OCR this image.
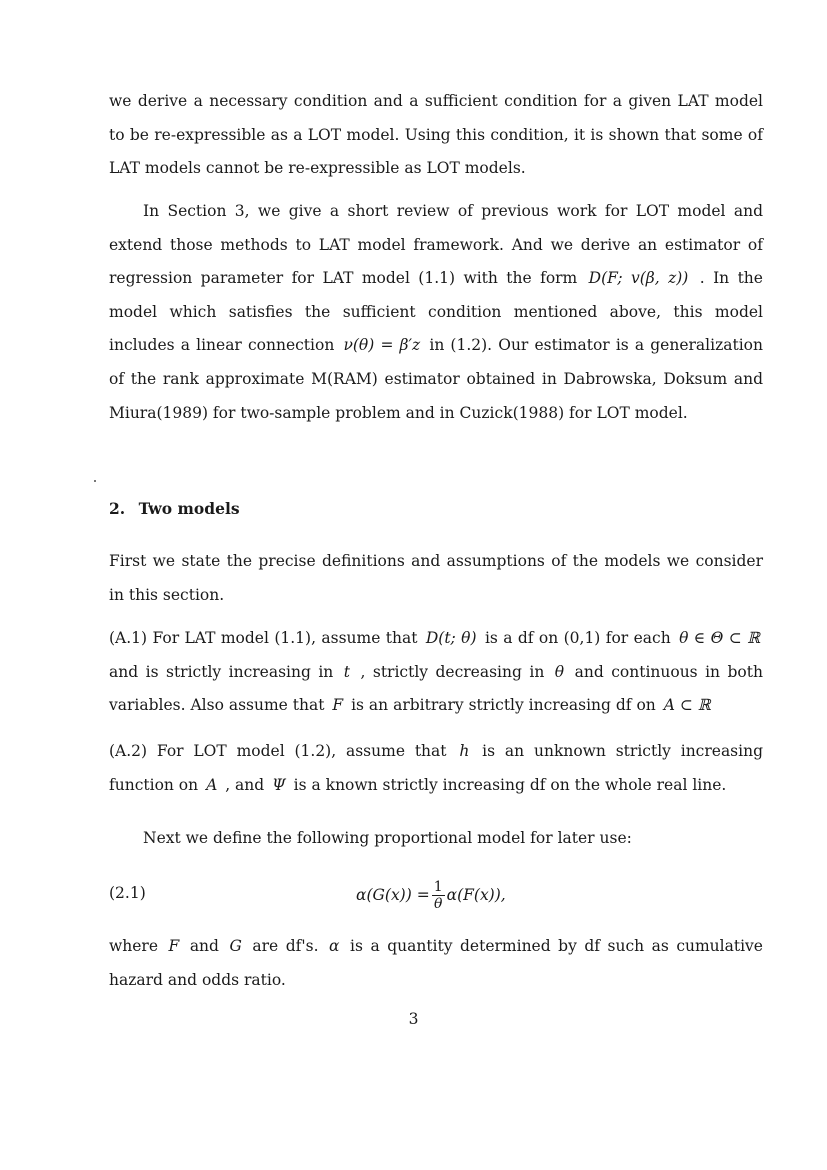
we derive a necessary condition and a sufficient condition for a given LAT model to be re-expressible as a LOT model. Using this condition, it is shown that some of LAT models cannot be re-expressible as LOT models.

In Section 3, we give a short review of previous work for LOT model and extend those methods to LAT model framework. And we derive an estimator of regression parameter for LAT model (1.1) with the form D(F; v(β, z)) . In the model which satisfies the sufficient condition mentioned above, this model includes a linear connection ν(θ) = β′z in (1.2). Our estimator is a generalization of the rank approximate M(RAM) estimator obtained in Dabrowska, Doksum and Miura(1989) for two-sample problem and in Cuzick(1988) for LOT model.

2. Two models

First we state the precise definitions and assumptions of the models we consider in this section.

(A.1) For LAT model (1.1), assume that D(t; θ) is a df on (0,1) for each θ ∈ Θ ⊂ ℝ and is strictly increasing in t , strictly decreasing in θ and continuous in both variables. Also assume that F is an arbitrary strictly increasing df on A ⊂ ℝ

(A.2) For LOT model (1.2), assume that h is an unknown strictly increasing function on A , and Ψ is a known strictly increasing df on the whole real line.

Next we define the following proportional model for later use:

(2.1)	$\alpha(G(x)) = \frac{1}{\theta} \alpha(F(x))$,

where F and G are df's. α is a quantity determined by df such as cumulative hazard and odds ratio.

3
